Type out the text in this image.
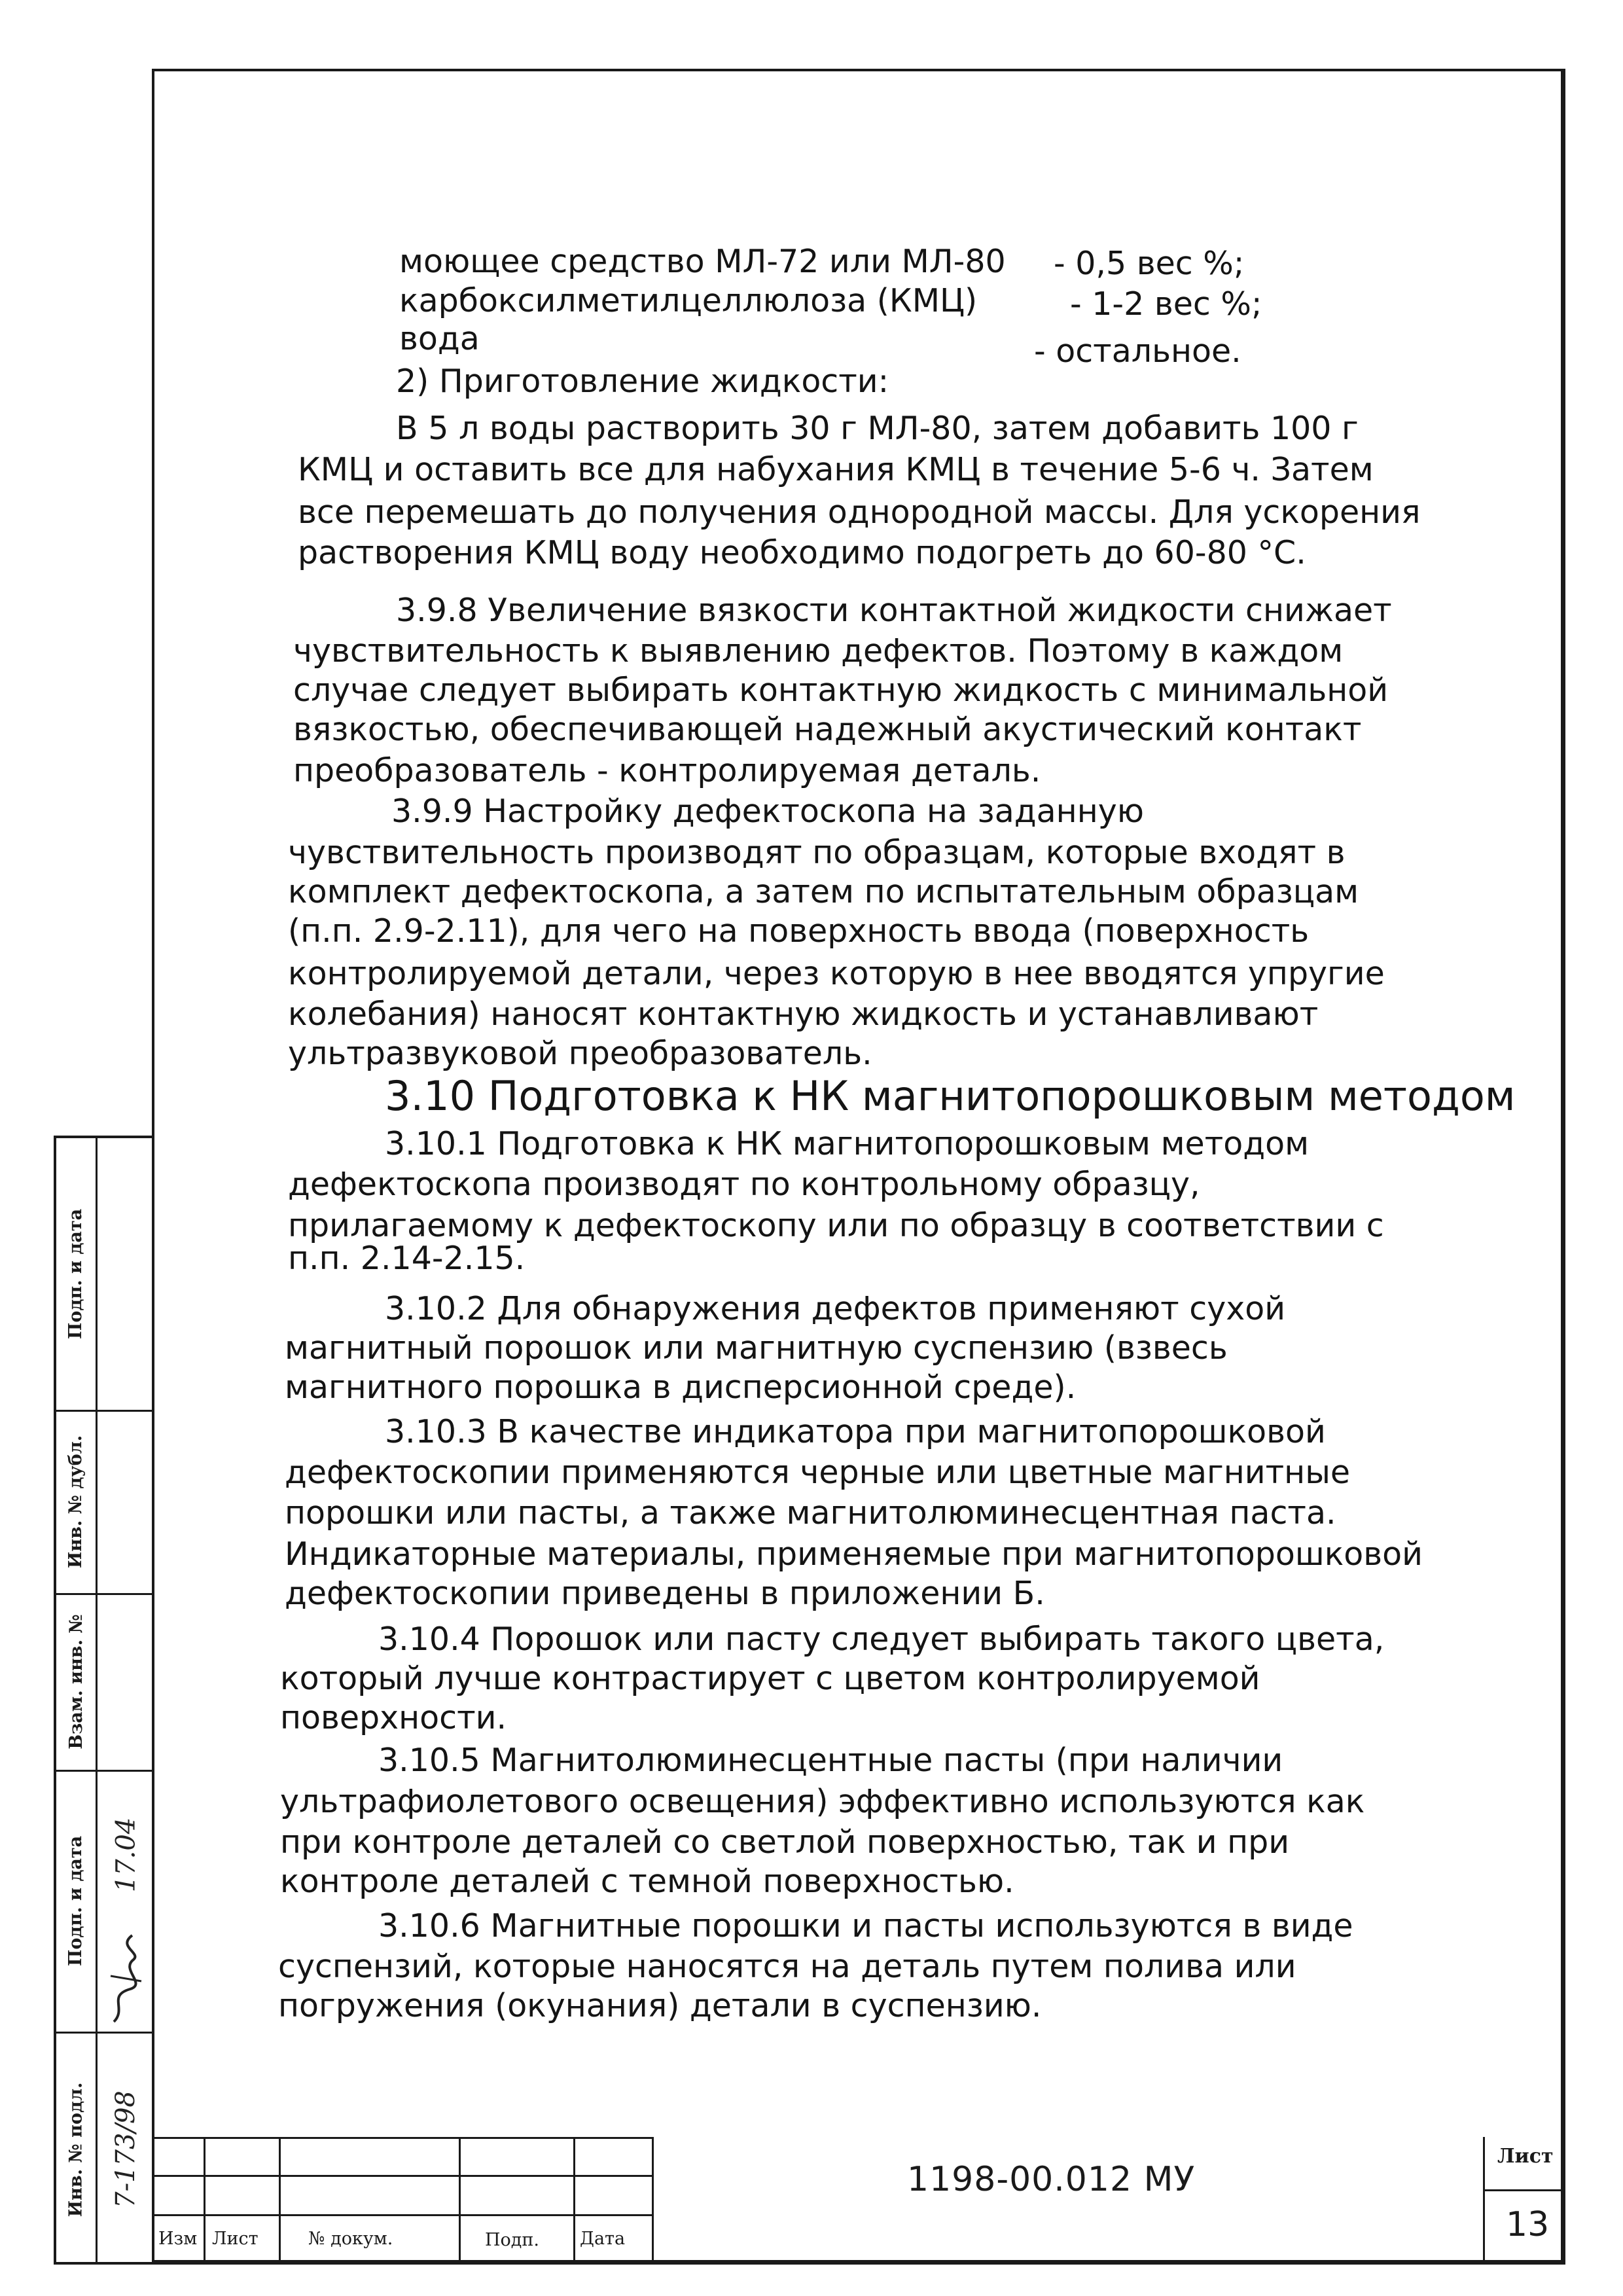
моющее средство МЛ-72 или МЛ-80 - 0,5 вес %;

карбоксилметилцеллюлоза (КМЦ)	- 1-2 вес %;

вода	- остальное.

2) Приготовление жидкости:

В 5 л воды растворить 30 г МЛ-80, затем добавить 100 г

КМЦ и оставить все для набухания КМЦ в течение 5-6 ч. Затем

все перемешать до получения однородной массы. Для ускорения

растворения КМЦ воду необходимо подогреть до 60-80 °С.

3.9.8 Увеличение вязкости контактной жидкости снижает

чувствительность к выявлению дефектов. Поэтому в каждом

случае следует выбирать контактную жидкость с минимальной

вязкостью, обеспечивающей надежный акустический контакт

преобразователь - контролируемая деталь.

3.9.9 Настройку дефектоскопа на заданную

чувствительность производят по образцам, которые входят в

комплект дефектоскопа, а затем по испытательным образцам

(п.п. 2.9-2.11), для чего на поверхность ввода (поверхность

контролируемой детали, через которую в нее вводятся упругие

колебания) наносят контактную жидкость и устанавливают

ультразвуковой преобразователь.

3.10 Подготовка к НК магнитопорошковым методом

3.10.1 Подготовка к НК магнитопорошковым методом

дефектоскопа производят по контрольному образцу,

прилагаемому к дефектоскопу или по образцу в соответствии с

п.п. 2.14-2.15.

3.10.2 Для обнаружения дефектов применяют сухой

магнитный порошок или магнитную суспензию (взвесь

магнитного порошка в дисперсионной среде).

3.10.3 В качестве индикатора при магнитопорошковой

дефектоскопии применяются черные или цветные магнитные

порошки или пасты, а также магнитолюминесцентная паста.

Индикаторные материалы, применяемые при магнитопорошковой

дефектоскопии приведены в приложении Б.

3.10.4 Порошок или пасту следует выбирать такого цвета,

который лучше контрастирует с цветом контролируемой

поверхности.

3.10.5 Магнитолюминесцентные пасты (при наличии

ультрафиолетового освещения) эффективно используются как

при контроле деталей со светлой поверхностью, так и при

контроле деталей с темной поверхностью.

3.10.6 Магнитные порошки и пасты используются в виде

суспензий, которые наносятся на деталь путем полива или

погружения (окунания) детали в суспензию.

Подп. и дата
Инв. № дубл.
Взам. инв. №
Подп. и дата
Инв. № подл.
17.04
7-173/98
Изм Лист	№ докум.	Подп. Дата
1198-00.012 МУ
Лист
13
